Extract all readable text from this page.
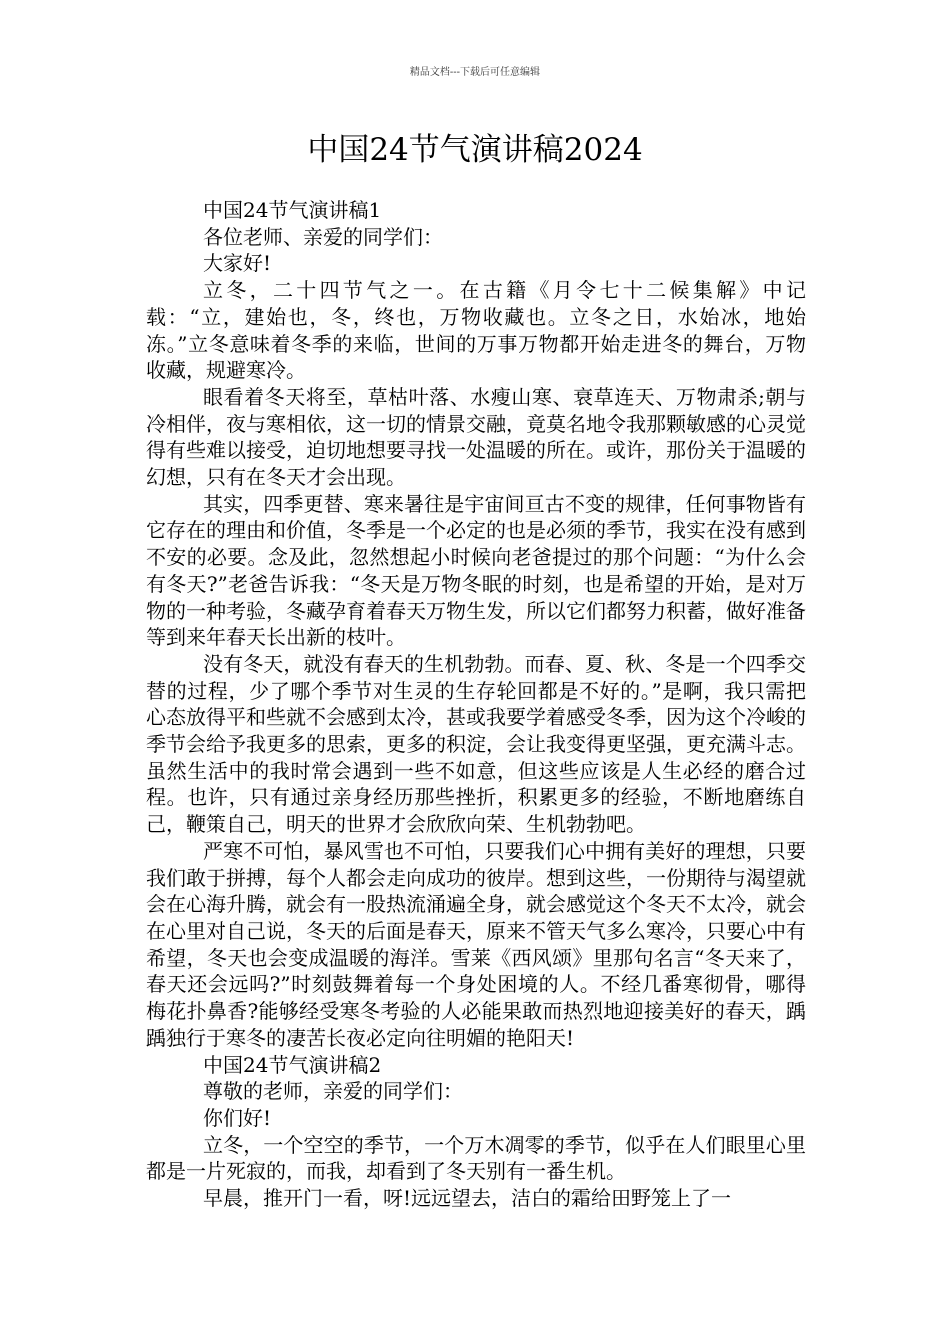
精品文档---下载后可任意编辑
中国24节气演讲稿2024

中国24节气演讲稿1

各位老师、亲爱的同学们：

大家好!

立冬，二十四节气之一。在古籍《月令七十二候集解》中记载：“立，建始也，冬，终也，万物收藏也。立冬之日，水始冰，地始冻。”立冬意味着冬季的来临，世间的万事万物都开始走进冬的舞台，万物收藏，规避寒冷。

眼看着冬天将至，草枯叶落、水瘦山寒、衰草连天、万物肃杀;朝与冷相伴，夜与寒相依，这一切的情景交融，竟莫名地令我那颗敏感的心灵觉得有些难以接受，迫切地想要寻找一处温暖的所在。或许，那份关于温暖的幻想，只有在冬天才会出现。

其实，四季更替、寒来暑往是宇宙间亘古不变的规律，任何事物皆有它存在的理由和价值，冬季是一个必定的也是必须的季节，我实在没有感到不安的必要。念及此，忽然想起小时候向老爸提过的那个问题：“为什么会有冬天?”老爸告诉我：“冬天是万物冬眠的时刻，也是希望的开始，是对万物的一种考验，冬藏孕育着春天万物生发，所以它们都努力积蓄，做好准备等到来年春天长出新的枝叶。

没有冬天，就没有春天的生机勃勃。而春、夏、秋、冬是一个四季交替的过程，少了哪个季节对生灵的生存轮回都是不好的。”是啊，我只需把心态放得平和些就不会感到太冷，甚或我要学着感受冬季，因为这个冷峻的季节会给予我更多的思索，更多的积淀，会让我变得更坚强，更充满斗志。虽然生活中的我时常会遇到一些不如意，但这些应该是人生必经的磨合过程。也许，只有通过亲身经历那些挫折，积累更多的经验，不断地磨练自己，鞭策自己，明天的世界才会欣欣向荣、生机勃勃吧。

严寒不可怕，暴风雪也不可怕，只要我们心中拥有美好的理想，只要我们敢于拼搏，每个人都会走向成功的彼岸。想到这些，一份期待与渴望就会在心海升腾，就会有一股热流涌遍全身，就会感觉这个冬天不太冷，就会在心里对自己说，冬天的后面是春天，原来不管天气多么寒冷，只要心中有希望，冬天也会变成温暖的海洋。雪莱《西风颂》里那句名言“冬天来了，春天还会远吗?”时刻鼓舞着每一个身处困境的人。不经几番寒彻骨，哪得梅花扑鼻香?能够经受寒冬考验的人必能果敢而热烈地迎接美好的春天，踽踽独行于寒冬的凄苦长夜必定向往明媚的艳阳天!

中国24节气演讲稿2

尊敬的老师，亲爱的同学们：

你们好!

立冬，一个空空的季节，一个万木凋零的季节，似乎在人们眼里心里都是一片死寂的，而我，却看到了冬天别有一番生机。

早晨，推开门一看，呀!远远望去，洁白的霜给田野笼上了一
